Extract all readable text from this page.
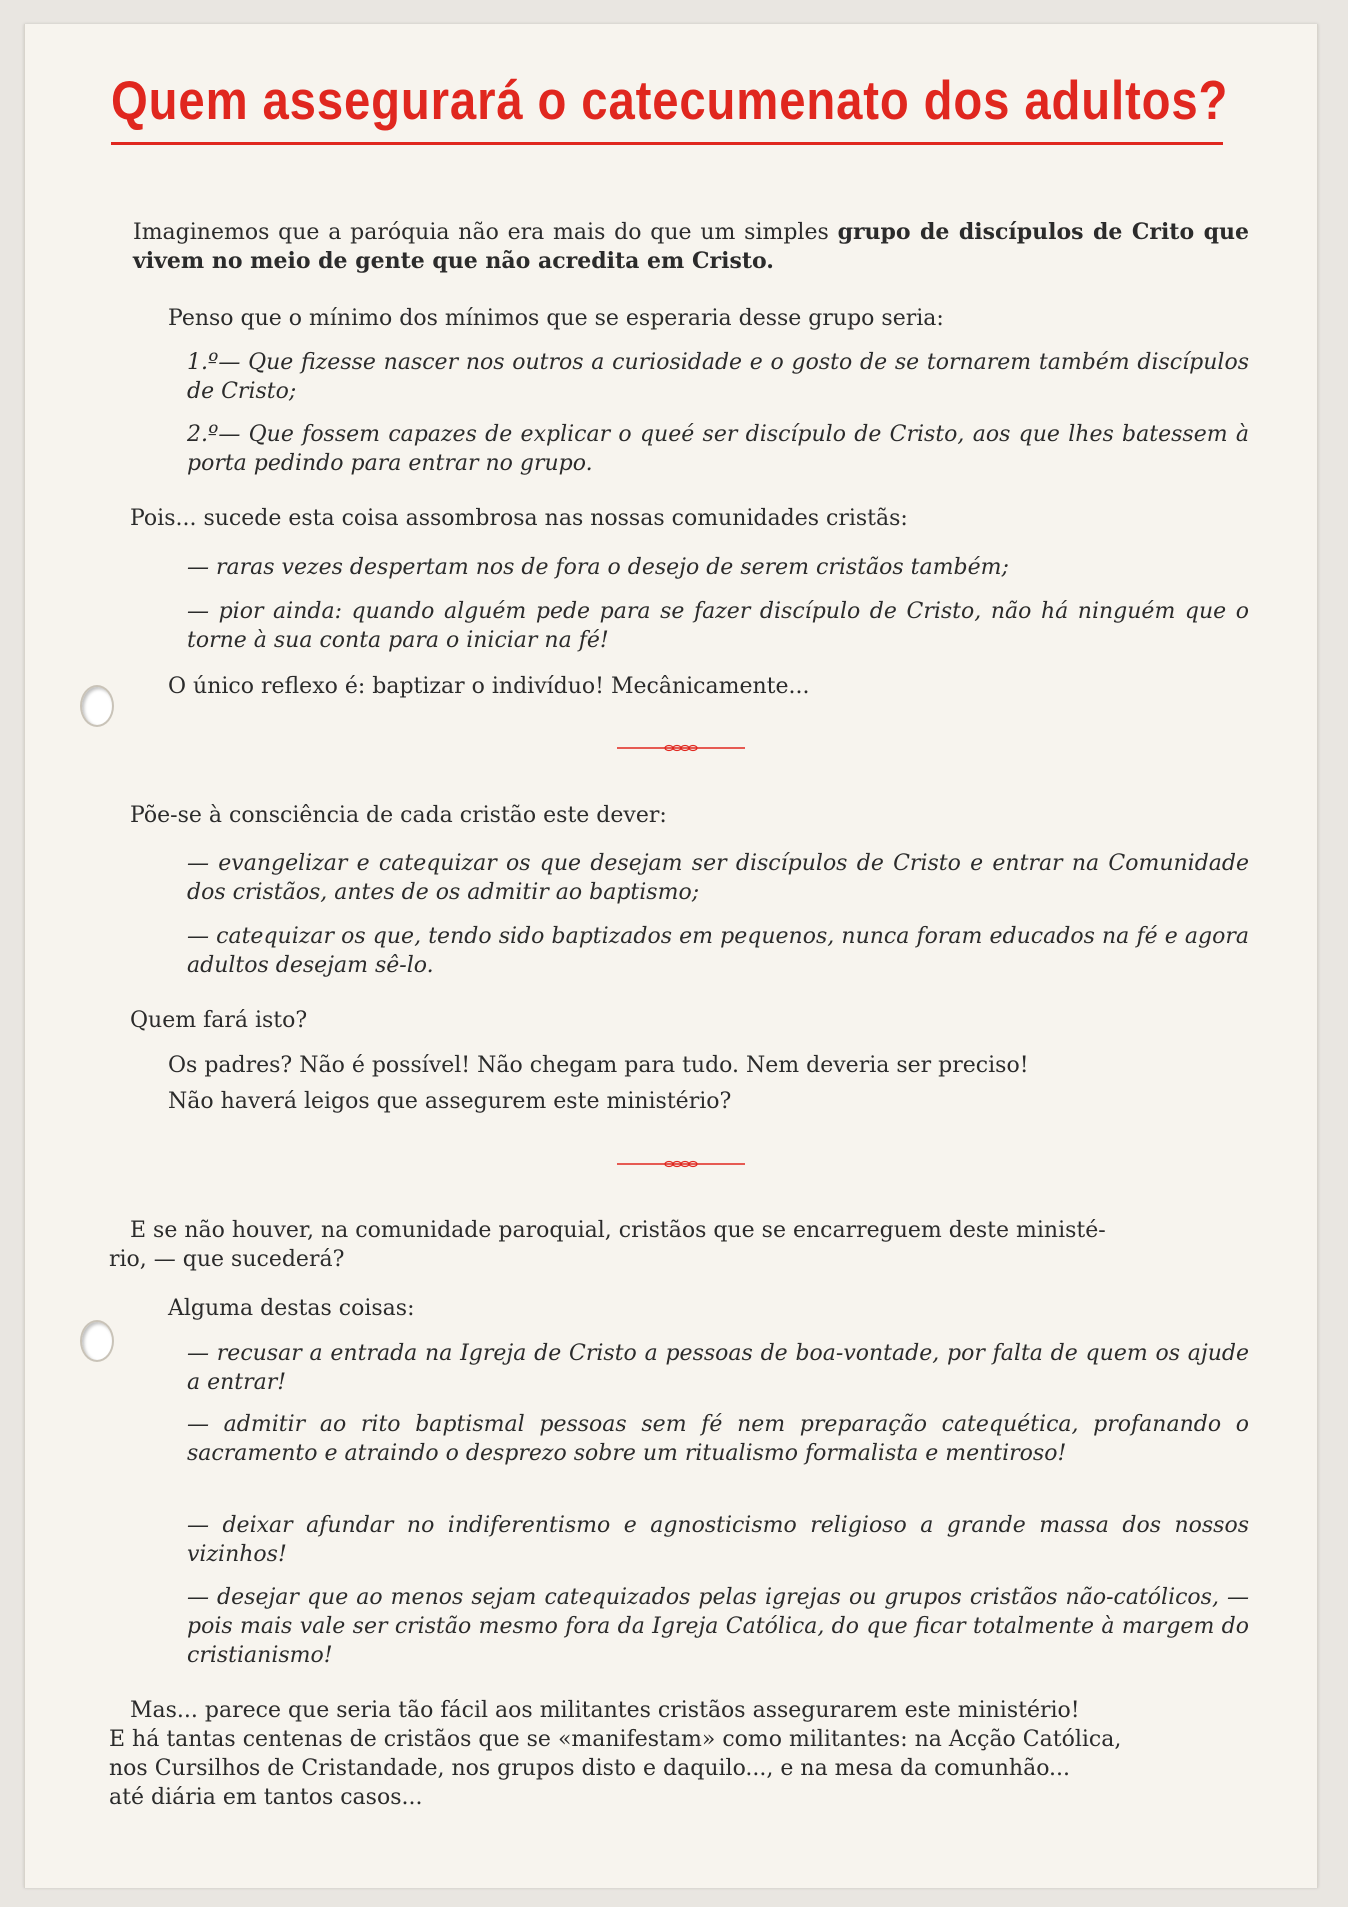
Quem assegurará o catecumenato dos adultos?

Imaginemos que a paróquia não era mais do que um simples grupo de discípulos de Crito que vivem no meio de gente que não acredita em Cristo.

Penso que o mínimo dos mínimos que se esperaria desse grupo seria:

1.º— Que fizesse nascer nos outros a curiosidade e o gosto de se tornarem também discípulos de Cristo;

2.º— Que fossem capazes de explicar o queé ser discípulo de Cristo, aos que lhes batessem à porta pedindo para entrar no grupo.

Pois... sucede esta coisa assombrosa nas nossas comunidades cristãs:

— raras vezes despertam nos de fora o desejo de serem cristãos também;

— pior ainda: quando alguém pede para se fazer discípulo de Cristo, não há ninguém que o torne à sua conta para o iniciar na fé!

O único reflexo é: baptizar o indivíduo! Mecânicamente...

Põe-se à consciência de cada cristão este dever:

— evangelizar e catequizar os que desejam ser discípulos de Cristo e entrar na Comunidade dos cristãos, antes de os admitir ao baptismo;

— catequizar os que, tendo sido baptizados em pequenos, nunca foram educados na fé e agora adultos desejam sê-lo.

Quem fará isto?

Os padres? Não é possível! Não chegam para tudo. Nem deveria ser preciso!

Não haverá leigos que assegurem este ministério?

E se não houver, na comunidade paroquial, cristãos que se encarreguem deste ministé-

rio, — que sucederá?

Alguma destas coisas:

— recusar a entrada na Igreja de Cristo a pessoas de boa-vontade, por falta de quem os ajude a entrar!

— admitir ao rito baptismal pessoas sem fé nem preparação catequética, profanando o sacramento e atraindo o desprezo sobre um ritualismo formalista e mentiroso!

— deixar afundar no indiferentismo e agnosticismo religioso a grande massa dos nossos vizinhos!

— desejar que ao menos sejam catequizados pelas igrejas ou grupos cristãos não-católicos, — pois mais vale ser cristão mesmo fora da Igreja Católica, do que ficar totalmente à margem do cristianismo!

Mas... parece que seria tão fácil aos militantes cristãos assegurarem este ministério!

E há tantas centenas de cristãos que se «manifestam» como militantes: na Acção Católica,

nos Cursilhos de Cristandade, nos grupos disto e daquilo..., e na mesa da comunhão...

até diária em tantos casos...
